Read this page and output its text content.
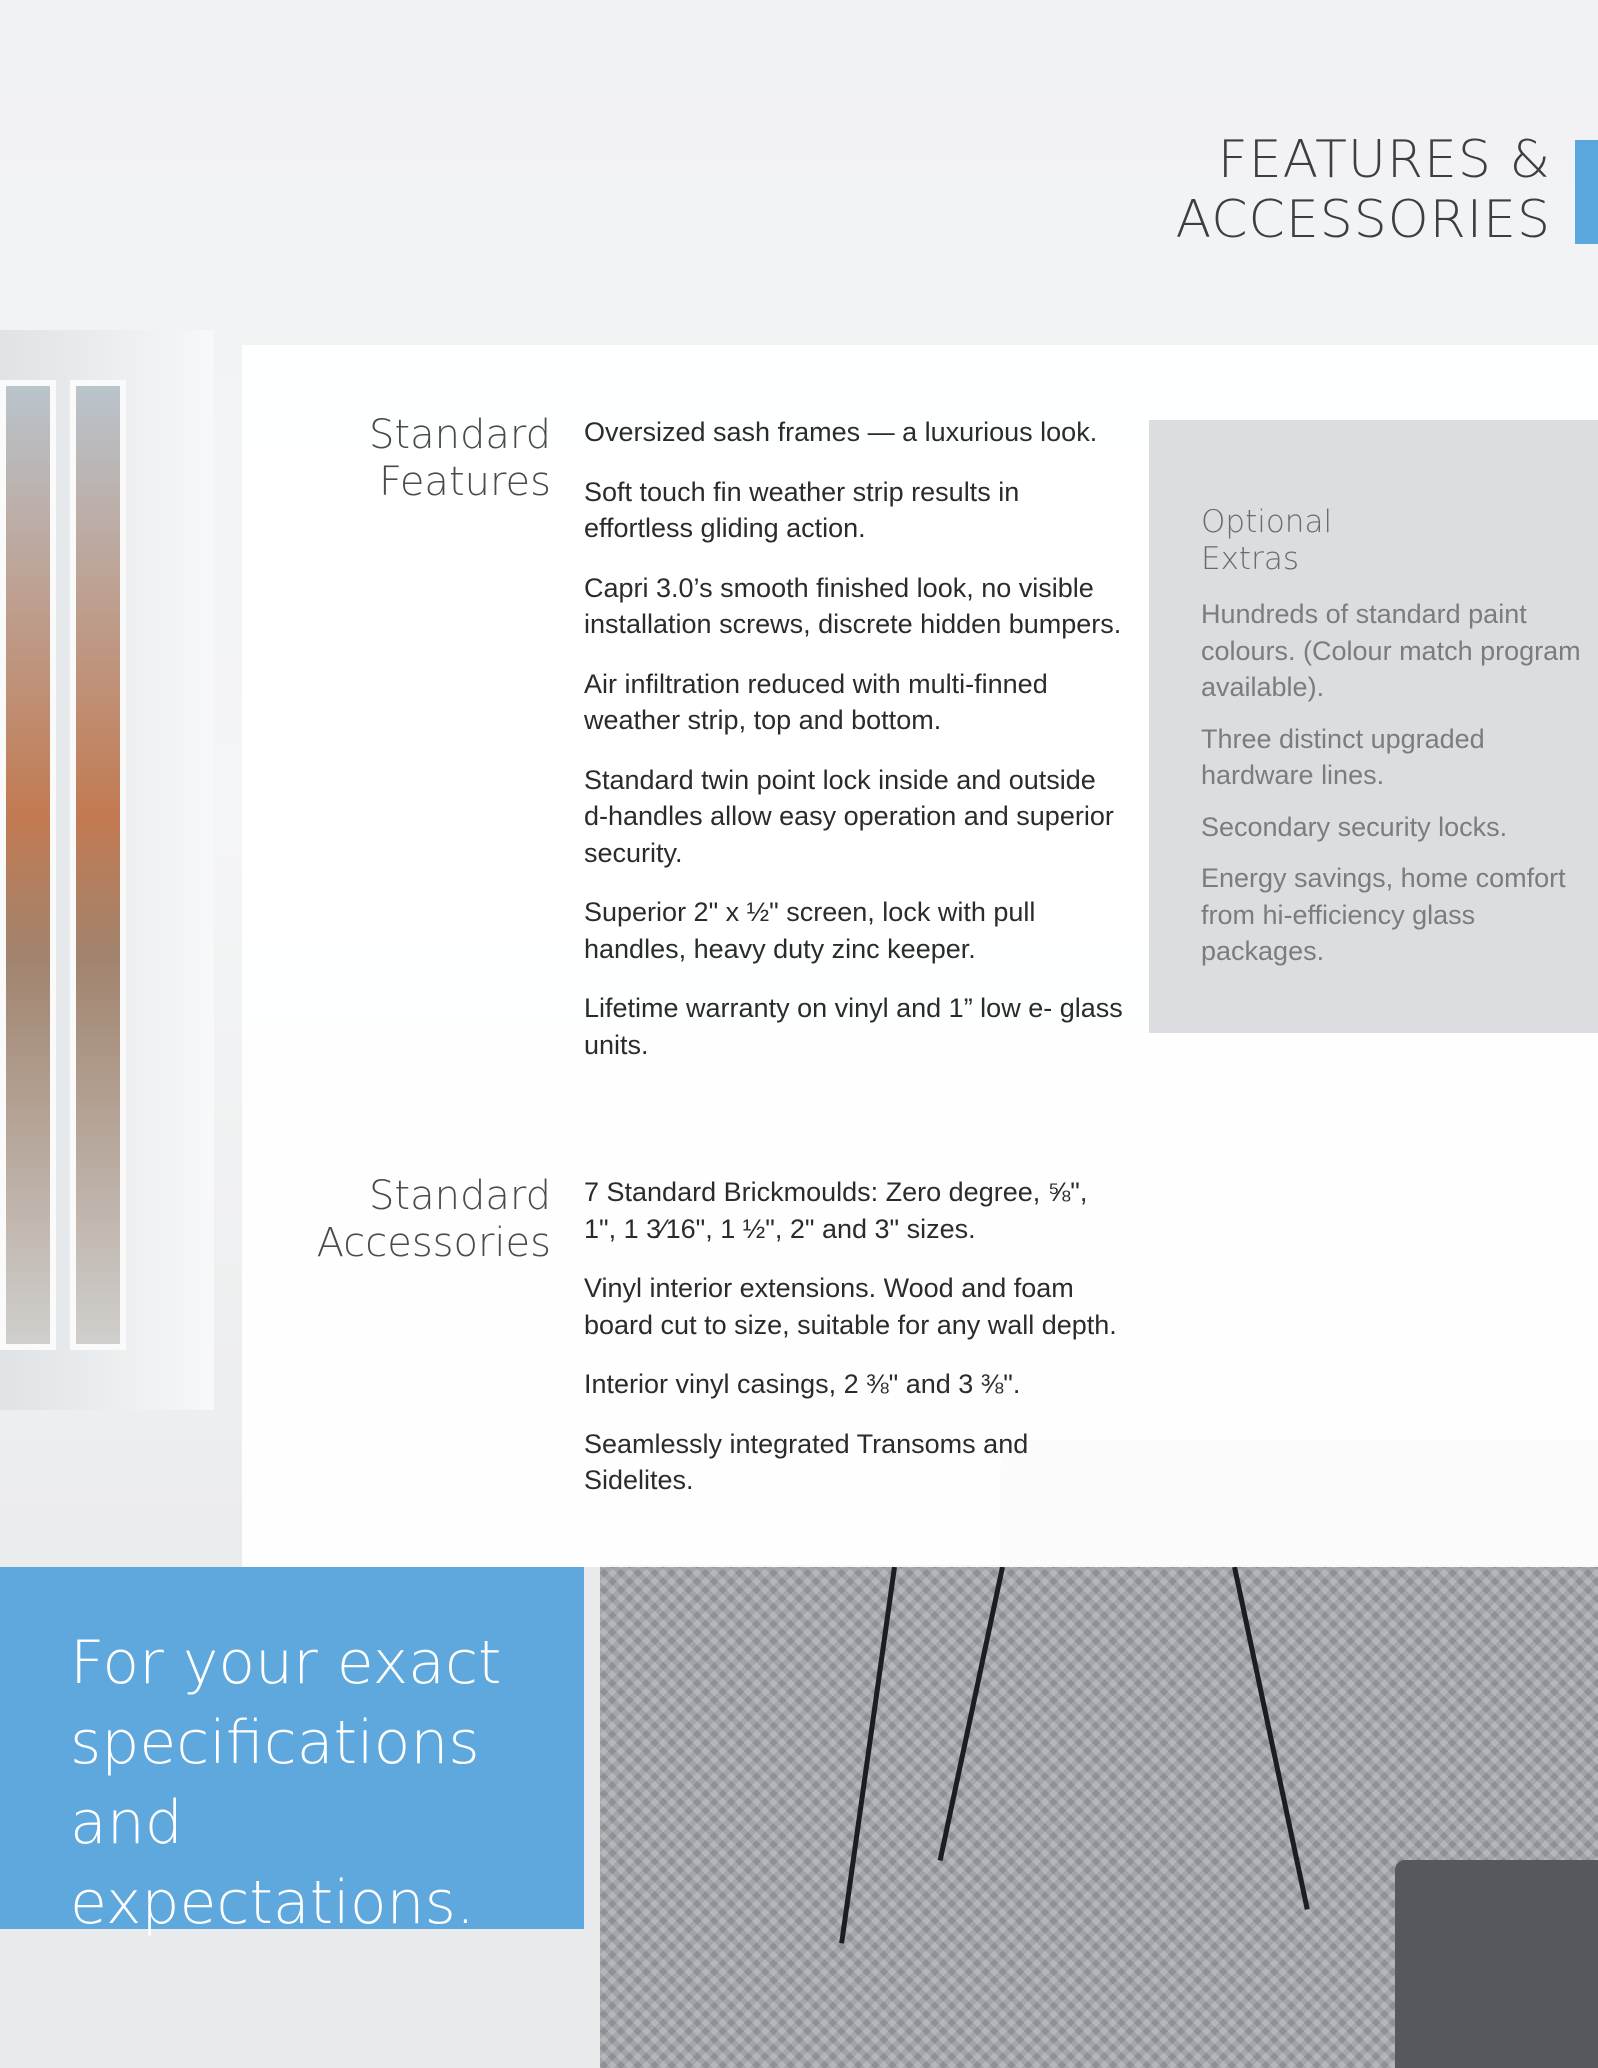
FEATURES &
ACCESSORIES
Standard
Features
Oversized sash frames — a luxurious look.
Soft touch fin weather strip results in effortless gliding action.
Capri 3.0’s smooth finished look, no visible installation screws, discrete hidden bumpers.
Air infiltration reduced with multi-finned weather strip, top and bottom.
Standard twin point lock inside and outside d-handles allow easy operation and superior security.
Superior 2" x ½" screen, lock with pull handles, heavy duty zinc keeper.
Lifetime warranty on vinyl and 1” low e- glass units.
Standard
Accessories
7 Standard Brickmoulds: Zero degree, ⅝", 1", 1 3⁄16", 1 ½", 2" and 3" sizes.
Vinyl interior extensions. Wood and foam board cut to size, suitable for any wall depth.
Interior vinyl casings, 2 ⅜" and 3 ⅜".
Seamlessly integrated Transoms and Sidelites.
Optional
Extras
Hundreds of standard paint colours. (Colour match program available).
Three distinct upgraded hardware lines.
Secondary security locks.
Energy savings, home comfort from hi-efficiency glass packages.
For your exact
specifications
and expectations.
